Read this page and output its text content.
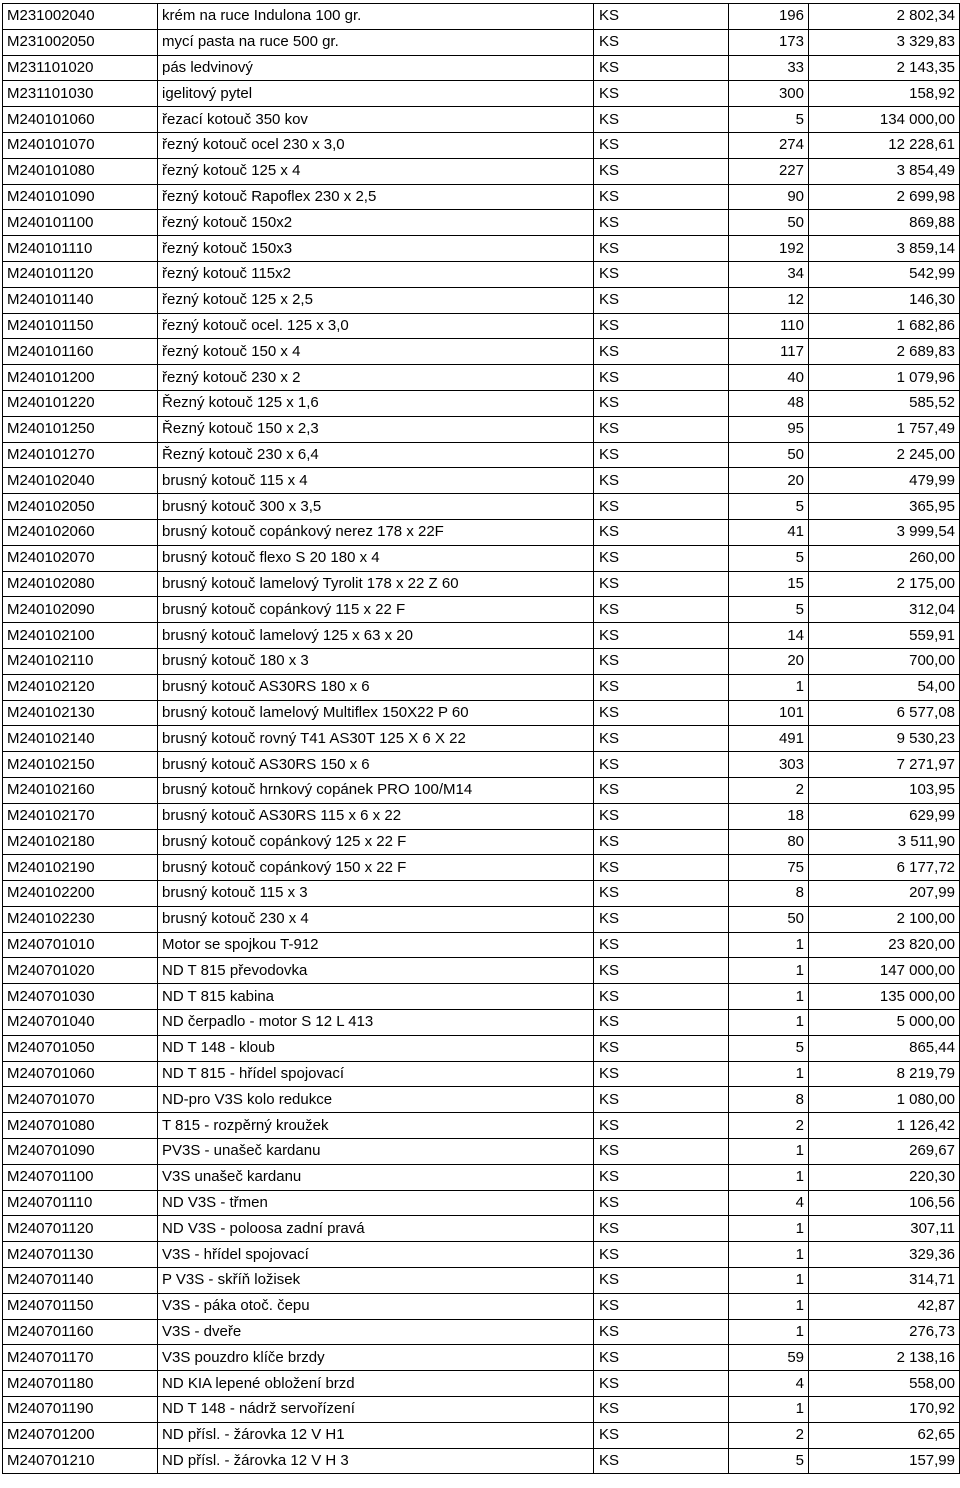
M231002040	krém na ruce Indulona 100 gr.	KS	196	2 802,34
M231002050	mycí pasta na ruce 500 gr.	KS	173	3 329,83
M231101020	pás ledvinový	KS	33	2 143,35
M231101030	igelitový pytel	KS	300	158,92
M240101060	řezací kotouč 350 kov	KS	5	134 000,00
M240101070	řezný kotouč ocel 230 x 3,0	KS	274	12 228,61
M240101080	řezný kotouč 125 x 4	KS	227	3 854,49
M240101090	řezný kotouč Rapoflex 230 x 2,5	KS	90	2 699,98
M240101100	řezný kotouč 150x2	KS	50	869,88
M240101110	řezný kotouč 150x3	KS	192	3 859,14
M240101120	řezný kotouč 115x2	KS	34	542,99
M240101140	řezný kotouč 125 x 2,5	KS	12	146,30
M240101150	řezný kotouč ocel. 125 x 3,0	KS	110	1 682,86
M240101160	řezný kotouč 150 x 4	KS	117	2 689,83
M240101200	řezný kotouč 230 x 2	KS	40	1 079,96
M240101220	Řezný kotouč 125 x 1,6	KS	48	585,52
M240101250	Řezný kotouč 150 x 2,3	KS	95	1 757,49
M240101270	Řezný kotouč 230 x 6,4	KS	50	2 245,00
M240102040	brusný kotouč 115 x 4	KS	20	479,99
M240102050	brusný kotouč 300 x 3,5	KS	5	365,95
M240102060	brusný kotouč copánkový nerez 178 x 22F	KS	41	3 999,54
M240102070	brusný kotouč flexo S 20 180 x 4	KS	5	260,00
M240102080	brusný kotouč lamelový Tyrolit 178 x 22 Z 60	KS	15	2 175,00
M240102090	brusný kotouč copánkový 115 x 22 F	KS	5	312,04
M240102100	brusný kotouč lamelový 125 x 63 x 20	KS	14	559,91
M240102110	brusný kotouč 180 x 3	KS	20	700,00
M240102120	brusný kotouč AS30RS 180 x 6	KS	1	54,00
M240102130	brusný kotouč lamelový Multiflex 150X22 P 60	KS	101	6 577,08
M240102140	brusný kotouč rovný T41 AS30T 125 X 6 X 22	KS	491	9 530,23
M240102150	brusný kotouč AS30RS 150 x 6	KS	303	7 271,97
M240102160	brusný kotouč hrnkový copánek PRO 100/M14	KS	2	103,95
M240102170	brusný kotouč AS30RS 115 x 6 x 22	KS	18	629,99
M240102180	brusný kotouč copánkový 125 x 22 F	KS	80	3 511,90
M240102190	brusný kotouč copánkový 150 x 22 F	KS	75	6 177,72
M240102200	brusný kotouč 115 x 3	KS	8	207,99
M240102230	brusný kotouč 230 x 4	KS	50	2 100,00
M240701010	Motor se spojkou T-912	KS	1	23 820,00
M240701020	ND T 815 převodovka	KS	1	147 000,00
M240701030	ND T 815 kabina	KS	1	135 000,00
M240701040	ND čerpadlo - motor S 12 L 413	KS	1	5 000,00
M240701050	ND T 148 - kloub	KS	5	865,44
M240701060	ND T 815 - hřídel spojovací	KS	1	8 219,79
M240701070	ND-pro V3S kolo redukce	KS	8	1 080,00
M240701080	T 815 - rozpěrný kroužek	KS	2	1 126,42
M240701090	PV3S - unašeč kardanu	KS	1	269,67
M240701100	V3S unašeč kardanu	KS	1	220,30
M240701110	ND V3S - třmen	KS	4	106,56
M240701120	ND V3S - poloosa zadní pravá	KS	1	307,11
M240701130	V3S - hřídel spojovací	KS	1	329,36
M240701140	P V3S - skříň ložisek	KS	1	314,71
M240701150	V3S - páka otoč. čepu	KS	1	42,87
M240701160	V3S - dveře	KS	1	276,73
M240701170	V3S pouzdro klíče brzdy	KS	59	2 138,16
M240701180	ND KIA lepené obložení brzd	KS	4	558,00
M240701190	ND T 148 - nádrž servořízení	KS	1	170,92
M240701200	ND přísl. - žárovka 12 V H1	KS	2	62,65
M240701210	ND přísl. - žárovka 12 V H 3	KS	5	157,99
